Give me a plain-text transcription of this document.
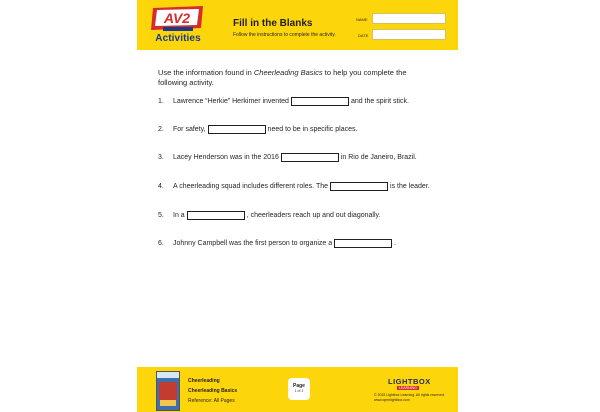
AV2
Activities
Fill in the Blanks
Follow the instructions to complete the activity.
NAME
DATE
Use the information found in Cheerleading Basics to help you complete the following activity.
1. Lawrence “Herkie” Herkimer invented	and the spirit stick.
2. For safety,	need to be in specific places.
3. Lacey Henderson was in the 2016	in Rio de Janeiro, Brazil.
4. A cheerleading squad includes different roles. The	is the leader.
5. In a	, cheerleaders reach up and out diagonally.
6. Johnny Campbell was the first person to organize a	.
Cheerleading
Cheerleading Basics
Reference: All Pages
Page
1 of 1
LIGHTBOX
LEARNING
© 2022 Lightbox Learning. All rights reserved.
www.openlightbox.com
